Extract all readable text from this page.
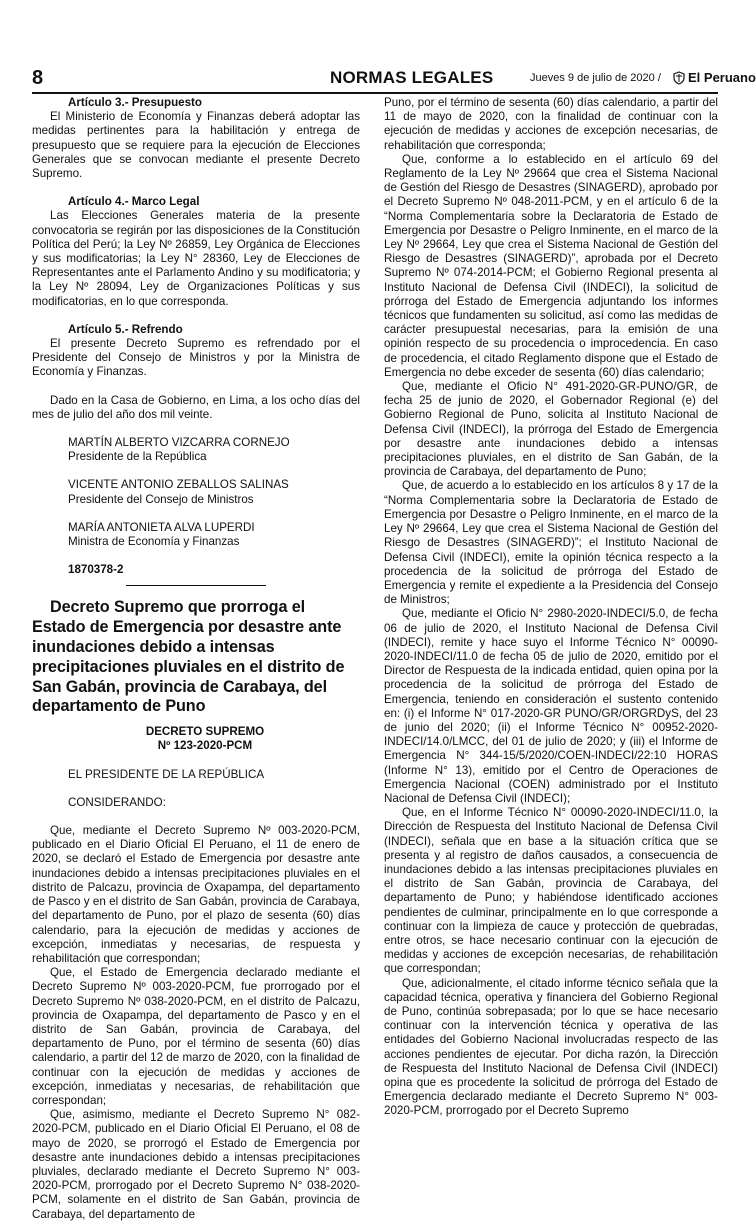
8	NORMAS LEGALES	Jueves 9 de julio de 2020 /	El Peruano

Artículo 3.- Presupuesto

El Ministerio de Economía y Finanzas deberá adoptar las medidas pertinentes para la habilitación y entrega de presupuesto que se requiere para la ejecución de Elecciones Generales que se convocan mediante el presente Decreto Supremo.

Artículo 4.- Marco Legal

Las Elecciones Generales materia de la presente convocatoria se regirán por las disposiciones de la Constitución Política del Perú; la Ley Nº 26859, Ley Orgánica de Elecciones y sus modificatorias; la Ley N° 28360, Ley de Elecciones de Representantes ante el Parlamento Andino y su modificatoria; y la Ley Nº 28094, Ley de Organizaciones Políticas y sus modificatorias, en lo que corresponda.

Artículo 5.- Refrendo

El presente Decreto Supremo es refrendado por el Presidente del Consejo de Ministros y por la Ministra de Economía y Finanzas.

Dado en la Casa de Gobierno, en Lima, a los ocho días del mes de julio del año dos mil veinte.

MARTÍN ALBERTO VIZCARRA CORNEJO

Presidente de la República

VICENTE ANTONIO ZEBALLOS SALINAS

Presidente del Consejo de Ministros

MARÍA ANTONIETA ALVA LUPERDI

Ministra de Economía y Finanzas

1870378-2

Decreto Supremo que prorroga el Estado de Emergencia por desastre ante inundaciones debido a intensas precipitaciones pluviales en el distrito de San Gabán, provincia de Carabaya, del departamento de Puno

DECRETO SUPREMO

Nº 123-2020-PCM

EL PRESIDENTE DE LA REPÚBLICA

CONSIDERANDO:

Que, mediante el Decreto Supremo Nº 003-2020-PCM, publicado en el Diario Oficial El Peruano, el 11 de enero de 2020, se declaró el Estado de Emergencia por desastre ante inundaciones debido a intensas precipitaciones pluviales en el distrito de Palcazu, provincia de Oxapampa, del departamento de Pasco y en el distrito de San Gabán, provincia de Carabaya, del departamento de Puno, por el plazo de sesenta (60) días calendario, para la ejecución de medidas y acciones de excepción, inmediatas y necesarias, de respuesta y rehabilitación que correspondan;

Que, el Estado de Emergencia declarado mediante el Decreto Supremo Nº 003-2020-PCM, fue prorrogado por el Decreto Supremo Nº 038-2020-PCM, en el distrito de Palcazu, provincia de Oxapampa, del departamento de Pasco y en el distrito de San Gabán, provincia de Carabaya, del departamento de Puno, por el término de sesenta (60) días calendario, a partir del 12 de marzo de 2020, con la finalidad de continuar con la ejecución de medidas y acciones de excepción, inmediatas y necesarias, de rehabilitación que correspondan;

Que, asimismo, mediante el Decreto Supremo N° 082-2020-PCM, publicado en el Diario Oficial El Peruano, el 08 de mayo de 2020, se prorrogó el Estado de Emergencia por desastre ante inundaciones debido a intensas precipitaciones pluviales, declarado mediante el Decreto Supremo N° 003-2020-PCM, prorrogado por el Decreto Supremo N° 038-2020-PCM, solamente en el distrito de San Gabán, provincia de Carabaya, del departamento de

Puno, por el término de sesenta (60) días calendario, a partir del 11 de mayo de 2020, con la finalidad de continuar con la ejecución de medidas y acciones de excepción necesarias, de rehabilitación que corresponda;

Que, conforme a lo establecido en el artículo 69 del Reglamento de la Ley Nº 29664 que crea el Sistema Nacional de Gestión del Riesgo de Desastres (SINAGERD), aprobado por el Decreto Supremo Nº 048-2011-PCM, y en el artículo 6 de la “Norma Complementaria sobre la Declaratoria de Estado de Emergencia por Desastre o Peligro Inminente, en el marco de la Ley Nº 29664, Ley que crea el Sistema Nacional de Gestión del Riesgo de Desastres (SINAGERD)”, aprobada por el Decreto Supremo Nº 074-2014-PCM; el Gobierno Regional presenta al Instituto Nacional de Defensa Civil (INDECI), la solicitud de prórroga del Estado de Emergencia adjuntando los informes técnicos que fundamenten su solicitud, así como las medidas de carácter presupuestal necesarias, para la emisión de una opinión respecto de su procedencia o improcedencia. En caso de procedencia, el citado Reglamento dispone que el Estado de Emergencia no debe exceder de sesenta (60) días calendario;

Que, mediante el Oficio N° 491-2020-GR-PUNO/GR, de fecha 25 de junio de 2020, el Gobernador Regional (e) del Gobierno Regional de Puno, solicita al Instituto Nacional de Defensa Civil (INDECI), la prórroga del Estado de Emergencia por desastre ante inundaciones debido a intensas precipitaciones pluviales, en el distrito de San Gabán, de la provincia de Carabaya, del departamento de Puno;

Que, de acuerdo a lo establecido en los artículos 8 y 17 de la “Norma Complementaria sobre la Declaratoria de Estado de Emergencia por Desastre o Peligro Inminente, en el marco de la Ley Nº 29664, Ley que crea el Sistema Nacional de Gestión del Riesgo de Desastres (SINAGERD)”; el Instituto Nacional de Defensa Civil (INDECI), emite la opinión técnica respecto a la procedencia de la solicitud de prórroga del Estado de Emergencia y remite el expediente a la Presidencia del Consejo de Ministros;

Que, mediante el Oficio N° 2980-2020-INDECI/5.0, de fecha 06 de julio de 2020, el Instituto Nacional de Defensa Civil (INDECI), remite y hace suyo el Informe Técnico N° 00090-2020-INDECI/11.0 de fecha 05 de julio de 2020, emitido por el Director de Respuesta de la indicada entidad, quien opina por la procedencia de la solicitud de prórroga del Estado de Emergencia, teniendo en consideración el sustento contenido en: (i) el Informe N° 017-2020-GR PUNO/GR/ORGRDyS, del 23 de junio del 2020; (ii) el Informe Técnico N° 00952-2020-INDECI/14.0/LMCC, del 01 de julio de 2020; y (iii) el Informe de Emergencia N° 344-15/5/2020/COEN-INDECI/22:10 HORAS (Informe N° 13), emitido por el Centro de Operaciones de Emergencia Nacional (COEN) administrado por el Instituto Nacional de Defensa Civil (INDECI);

Que, en el Informe Técnico N° 00090-2020-INDECI/11.0, la Dirección de Respuesta del Instituto Nacional de Defensa Civil (INDECI), señala que en base a la situación crítica que se presenta y al registro de daños causados, a consecuencia de inundaciones debido a las intensas precipitaciones pluviales en el distrito de San Gabán, provincia de Carabaya, del departamento de Puno; y habiéndose identificado acciones pendientes de culminar, principalmente en lo que corresponde a continuar con la limpieza de cauce y protección de quebradas, entre otros, se hace necesario continuar con la ejecución de medidas y acciones de excepción necesarias, de rehabilitación que correspondan;

Que, adicionalmente, el citado informe técnico señala que la capacidad técnica, operativa y financiera del Gobierno Regional de Puno, continúa sobrepasada; por lo que se hace necesario continuar con la intervención técnica y operativa de las entidades del Gobierno Nacional involucradas respecto de las acciones pendientes de ejecutar. Por dicha razón, la Dirección de Respuesta del Instituto Nacional de Defensa Civil (INDECI) opina que es procedente la solicitud de prórroga del Estado de Emergencia declarado mediante el Decreto Supremo N° 003-2020-PCM, prorrogado por el Decreto Supremo
